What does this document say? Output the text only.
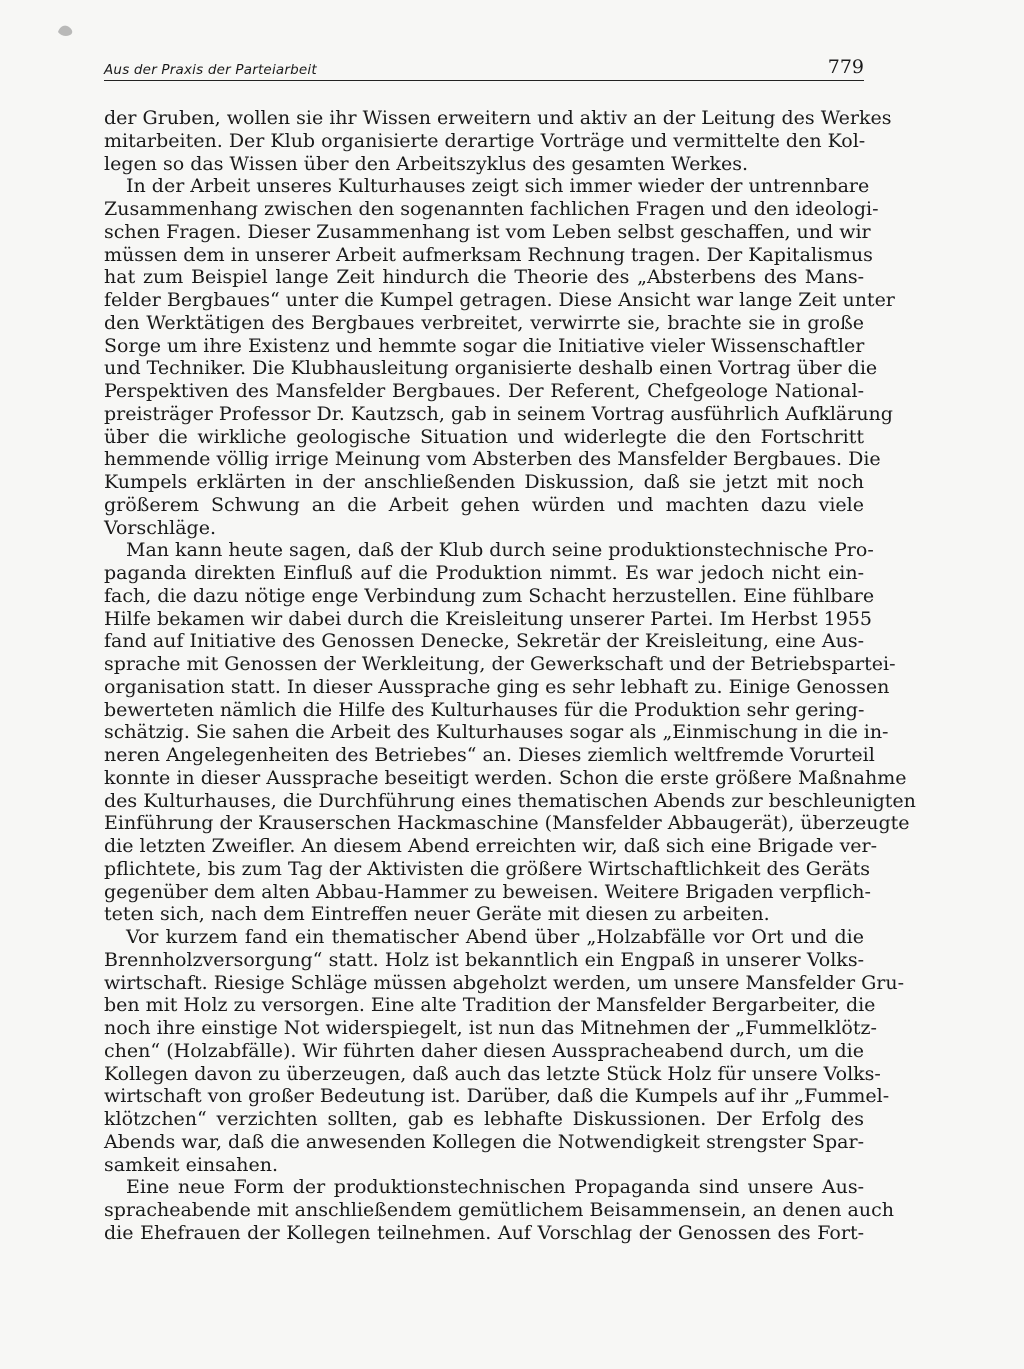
Aus der Praxis der Parteiarbeit	779
der Gruben, wollen sie ihr Wissen erweitern und aktiv an der Leitung des Werkes
mitarbeiten. Der Klub organisierte derartige Vorträge und vermittelte den Kol-
legen so das Wissen über den Arbeitszyklus des gesamten Werkes.
In der Arbeit unseres Kulturhauses zeigt sich immer wieder der untrennbare
Zusammenhang zwischen den sogenannten fachlichen Fragen und den ideologi-
schen Fragen. Dieser Zusammenhang ist vom Leben selbst geschaffen, und wir
müssen dem in unserer Arbeit aufmerksam Rechnung tragen. Der Kapitalismus
hat zum Beispiel lange Zeit hindurch die Theorie des „Absterbens des Mans-
felder Bergbaues“ unter die Kumpel getragen. Diese Ansicht war lange Zeit unter
den Werktätigen des Bergbaues verbreitet, verwirrte sie, brachte sie in große
Sorge um ihre Existenz und hemmte sogar die Initiative vieler Wissenschaftler
und Techniker. Die Klubhausleitung organisierte deshalb einen Vortrag über die
Perspektiven des Mansfelder Bergbaues. Der Referent, Chefgeologe National-
preisträger Professor Dr. Kautzsch, gab in seinem Vortrag ausführlich Aufklärung
über die wirkliche geologische Situation und widerlegte die den Fortschritt
hemmende völlig irrige Meinung vom Absterben des Mansfelder Bergbaues. Die
Kumpels erklärten in der anschließenden Diskussion, daß sie jetzt mit noch
größerem Schwung an die Arbeit gehen würden und machten dazu viele
Vorschläge.
Man kann heute sagen, daß der Klub durch seine produktionstechnische Pro-
paganda direkten Einfluß auf die Produktion nimmt. Es war jedoch nicht ein-
fach, die dazu nötige enge Verbindung zum Schacht herzustellen. Eine fühlbare
Hilfe bekamen wir dabei durch die Kreisleitung unserer Partei. Im Herbst 1955
fand auf Initiative des Genossen Denecke, Sekretär der Kreisleitung, eine Aus-
sprache mit Genossen der Werkleitung, der Gewerkschaft und der Betriebspartei-
organisation statt. In dieser Aussprache ging es sehr lebhaft zu. Einige Genossen
bewerteten nämlich die Hilfe des Kulturhauses für die Produktion sehr gering-
schätzig. Sie sahen die Arbeit des Kulturhauses sogar als „Einmischung in die in-
neren Angelegenheiten des Betriebes“ an. Dieses ziemlich weltfremde Vorurteil
konnte in dieser Aussprache beseitigt werden. Schon die erste größere Maßnahme
des Kulturhauses, die Durchführung eines thematischen Abends zur beschleunigten
Einführung der Krauserschen Hackmaschine (Mansfelder Abbaugerät), überzeugte
die letzten Zweifler. An diesem Abend erreichten wir, daß sich eine Brigade ver-
pflichtete, bis zum Tag der Aktivisten die größere Wirtschaftlichkeit des Geräts
gegenüber dem alten Abbau-Hammer zu beweisen. Weitere Brigaden verpflich-
teten sich, nach dem Eintreffen neuer Geräte mit diesen zu arbeiten.
Vor kurzem fand ein thematischer Abend über „Holzabfälle vor Ort und die
Brennholzversorgung“ statt. Holz ist bekanntlich ein Engpaß in unserer Volks-
wirtschaft. Riesige Schläge müssen abgeholzt werden, um unsere Mansfelder Gru-
ben mit Holz zu versorgen. Eine alte Tradition der Mansfelder Bergarbeiter, die
noch ihre einstige Not widerspiegelt, ist nun das Mitnehmen der „Fummelklötz-
chen“ (Holzabfälle). Wir führten daher diesen Ausspracheabend durch, um die
Kollegen davon zu überzeugen, daß auch das letzte Stück Holz für unsere Volks-
wirtschaft von großer Bedeutung ist. Darüber, daß die Kumpels auf ihr „Fummel-
klötzchen“ verzichten sollten, gab es lebhafte Diskussionen. Der Erfolg des
Abends war, daß die anwesenden Kollegen die Notwendigkeit strengster Spar-
samkeit einsahen.
Eine neue Form der produktionstechnischen Propaganda sind unsere Aus-
spracheabende mit anschließendem gemütlichem Beisammensein, an denen auch
die Ehefrauen der Kollegen teilnehmen. Auf Vorschlag der Genossen des Fort-
